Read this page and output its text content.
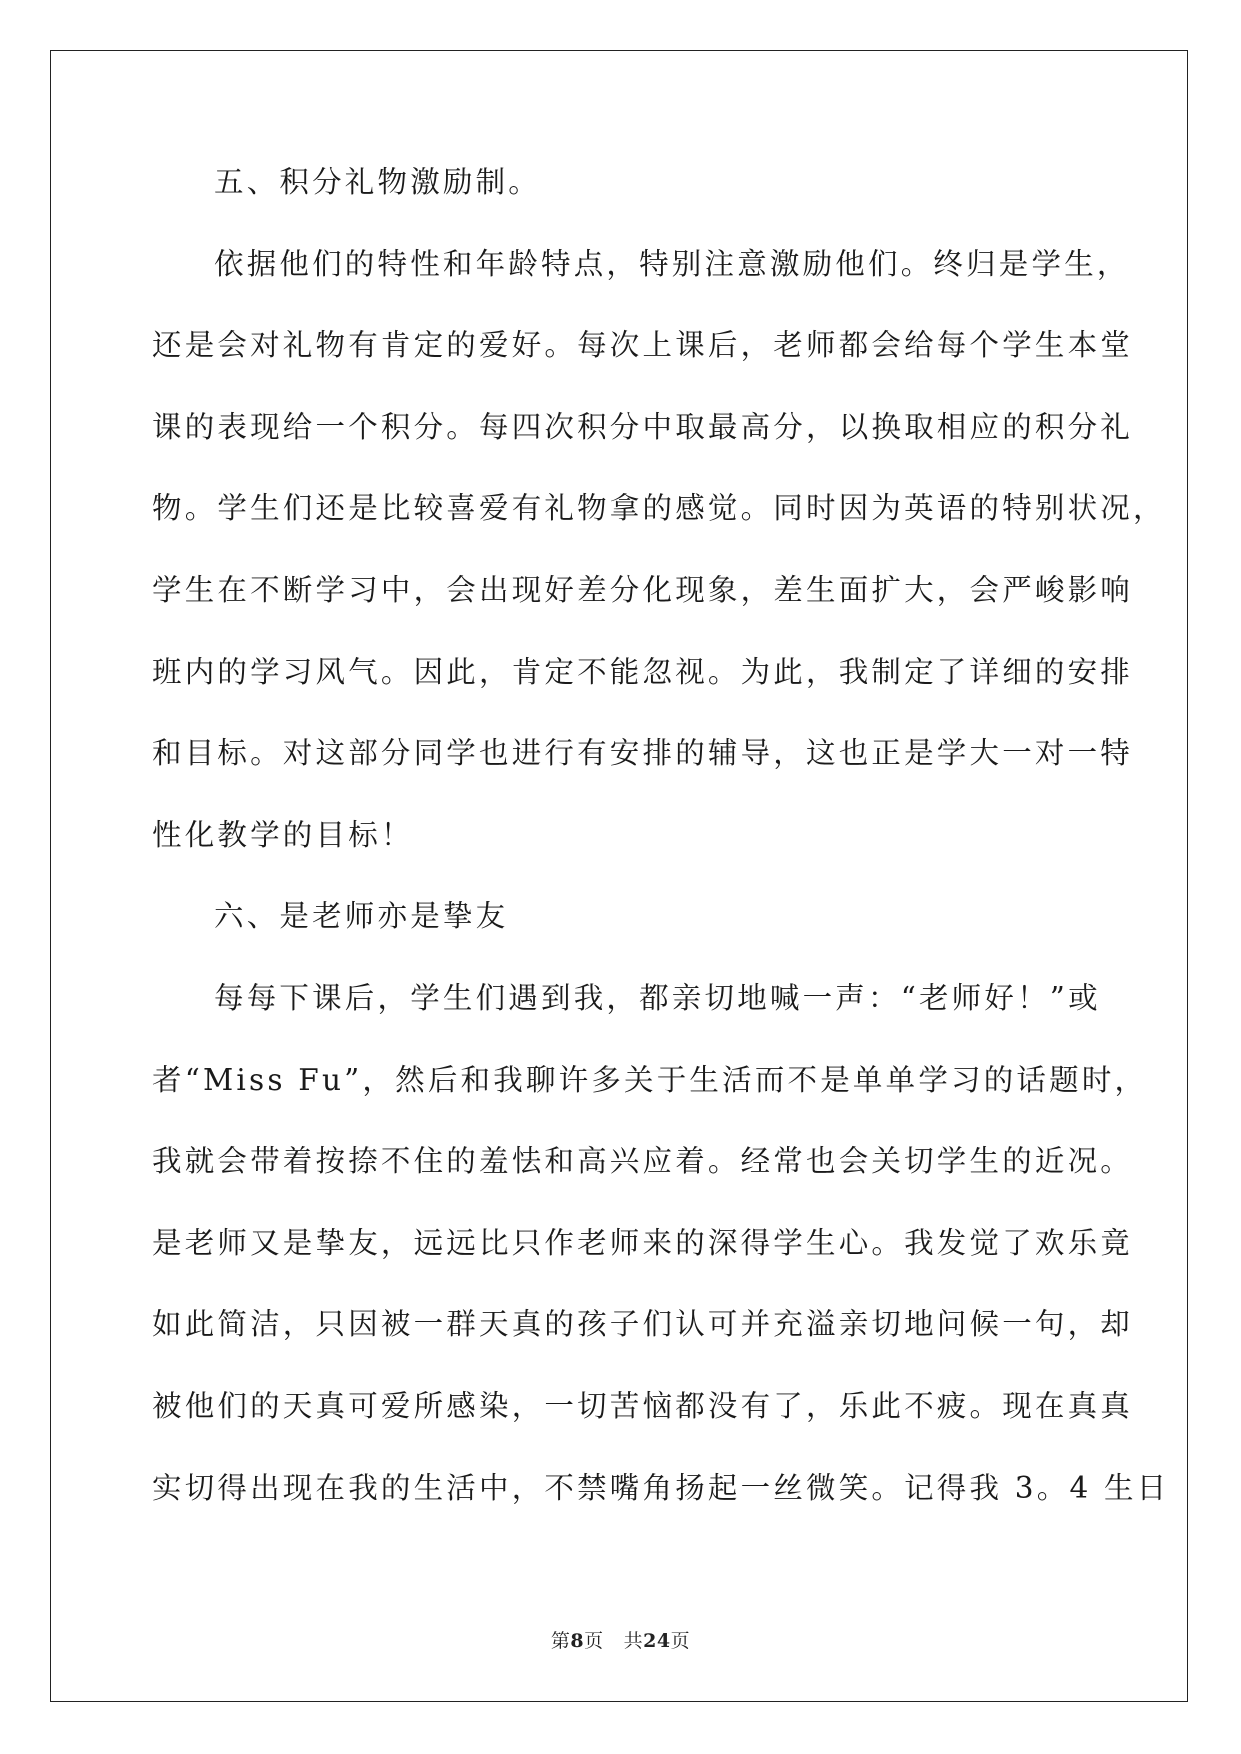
五、积分礼物激励制。
依据他们的特性和年龄特点，特别注意激励他们。终归是学生，
还是会对礼物有肯定的爱好。每次上课后，老师都会给每个学生本堂
课的表现给一个积分。每四次积分中取最高分，以换取相应的积分礼
物。学生们还是比较喜爱有礼物拿的感觉。同时因为英语的特别状况，
学生在不断学习中，会出现好差分化现象，差生面扩大，会严峻影响
班内的学习风气。因此，肯定不能忽视。为此，我制定了详细的安排
和目标。对这部分同学也进行有安排的辅导，这也正是学大一对一特
性化教学的目标！
六、是老师亦是挚友
每每下课后，学生们遇到我，都亲切地喊一声：“老师好！”或
者“Miss Fu”，然后和我聊许多关于生活而不是单单学习的话题时，
我就会带着按捺不住的羞怯和高兴应着。经常也会关切学生的近况。
是老师又是挚友，远远比只作老师来的深得学生心。我发觉了欢乐竟
如此简洁，只因被一群天真的孩子们认可并充溢亲切地问候一句，却
被他们的天真可爱所感染，一切苦恼都没有了，乐此不疲。现在真真
实切得出现在我的生活中，不禁嘴角扬起一丝微笑。记得我 3。4 生日
第8页 共24页
